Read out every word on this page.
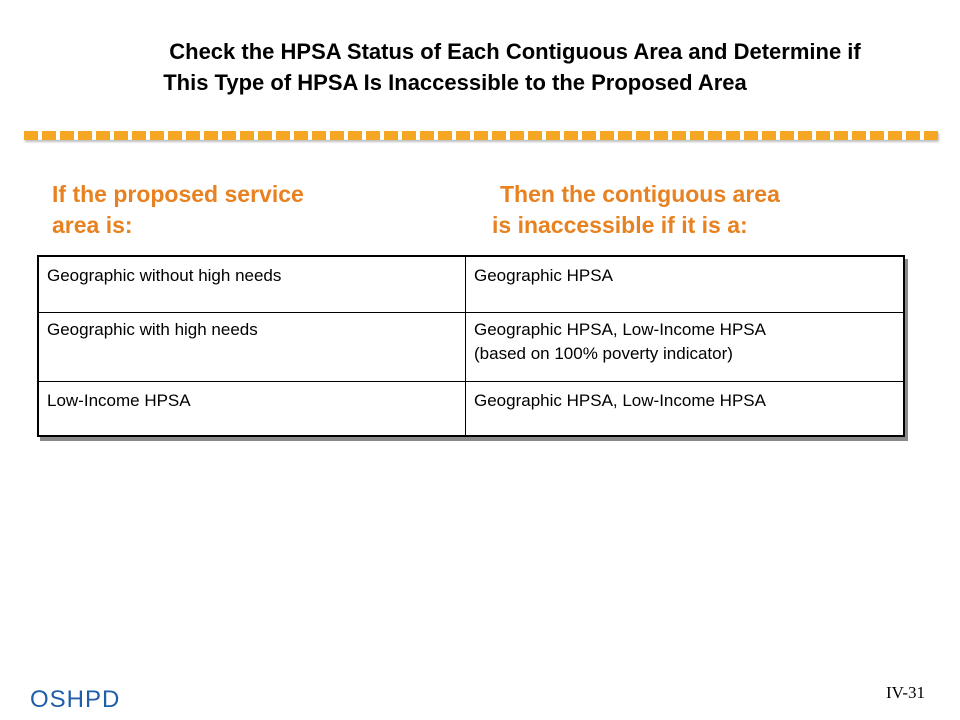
Check the HPSA Status of Each Contiguous Area and Determine if
This Type of HPSA Is Inaccessible to the Proposed Area
If the proposed service
area is:
Then the contiguous area
is inaccessible if it is a:
Geographic without high needs	Geographic HPSA
Geographic with high needs	Geographic HPSA, Low-Income HPSA
(based on 100% poverty indicator)
Low-Income HPSA	Geographic HPSA, Low-Income HPSA
OSHPD	IV-31
